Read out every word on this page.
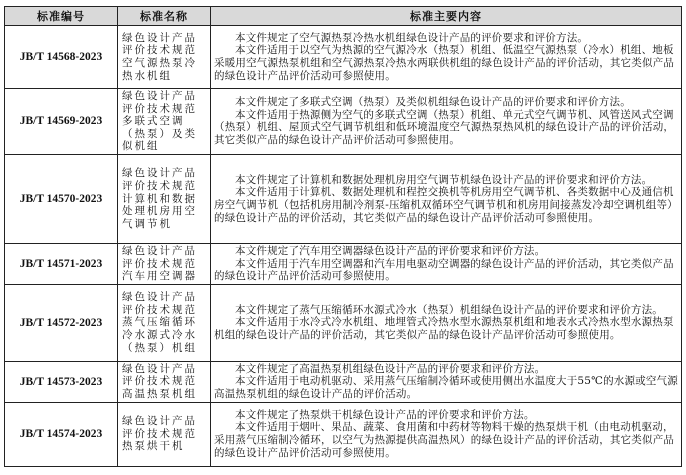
标准编号	标准名称	标准主要内容
JB/T 14568-2023	绿色设计产品评价技术规范空气源热泵冷热水机组	本文件规定了空气源热泵冷热水机组绿色设计产品的评价要求和评价方法。

本文件适用于以空气为热源的空气源冷水（热泵）机组、低温空气源热泵（冷水）机组、地板采暖用空气源热泵机组和空气源热泵冷热水两联供机组的绿色设计产品的评价活动，其它类似产品的绿色设计产品评价活动可参照使用。

JB/T 14569-2023	绿色设计产品评价技术规范多联式空调（热泵）及类似机组	本文件规定了多联式空调（热泵）及类似机组绿色设计产品的评价要求和评价方法。

本文件适用于热源侧为空气的多联式空调（热泵）机组、单元式空气调节机、风管送风式空调（热泵）机组、屋顶式空气调节机组和低环境温度空气源热泵热风机的绿色设计产品的评价活动，其它类似产品的绿色设计产品评价活动可参照使用。

JB/T 14570-2023	绿色设计产品评价技术规范计算机和数据处理机房用空气调节机	本文件规定了计算机和数据处理机房用空气调节机绿色设计产品的评价要求和评价方法。

本文件适用于计算机、数据处理机和程控交换机等机房用空气调节机、各类数据中心及通信机房空气调节机（包括机房用制冷剂泵-压缩机双循环空气调节机和机房用间接蒸发冷却空调机组等）的绿色设计产品的评价活动，其它类似产品的绿色设计产品评价活动可参照使用。

JB/T 14571-2023	绿色设计产品评价技术规范汽车用空调器	本文件规定了汽车用空调器绿色设计产品的评价要求和评价方法。

本文件适用于汽车用空调器和汽车用电驱动空调器的绿色设计产品的评价活动，其它类似产品的绿色设计产品评价活动可参照使用。

JB/T 14572-2023	绿色设计产品评价技术规范蒸气压缩循环冷水源式冷水（热泵）机组	本文件规定了蒸气压缩循环水源式冷水（热泵）机组绿色设计产品的评价要求和评价方法。

本文件适用于水冷式冷水机组、地埋管式冷热水型水源热泵机组和地表水式冷热水型水源热泵机组的绿色设计产品的评价活动，其它类似产品的绿色设计产品评价活动可参照使用。

JB/T 14573-2023	绿色设计产品评价技术规范高温热泵机组	本文件规定了高温热泵机组绿色设计产品的评价要求和评价方法。

本文件适用于电动机驱动、采用蒸气压缩制冷循环或使用侧出水温度大于55℃的水源或空气源高温热泵机组的绿色设计产品的评价活动。

JB/T 14574-2023	绿色设计产品评价技术规范热泵烘干机	本文件规定了热泵烘干机绿色设计产品的评价要求和评价方法。

本文件适用于烟叶、果品、蔬菜、食用菌和中药材等物料干燥的热泵烘干机（由电动机驱动，采用蒸气压缩制冷循环，以空气为热源提供高温热风）的绿色设计产品的评价活动，其它类似产品的绿色设计产品评价活动可参照使用。
